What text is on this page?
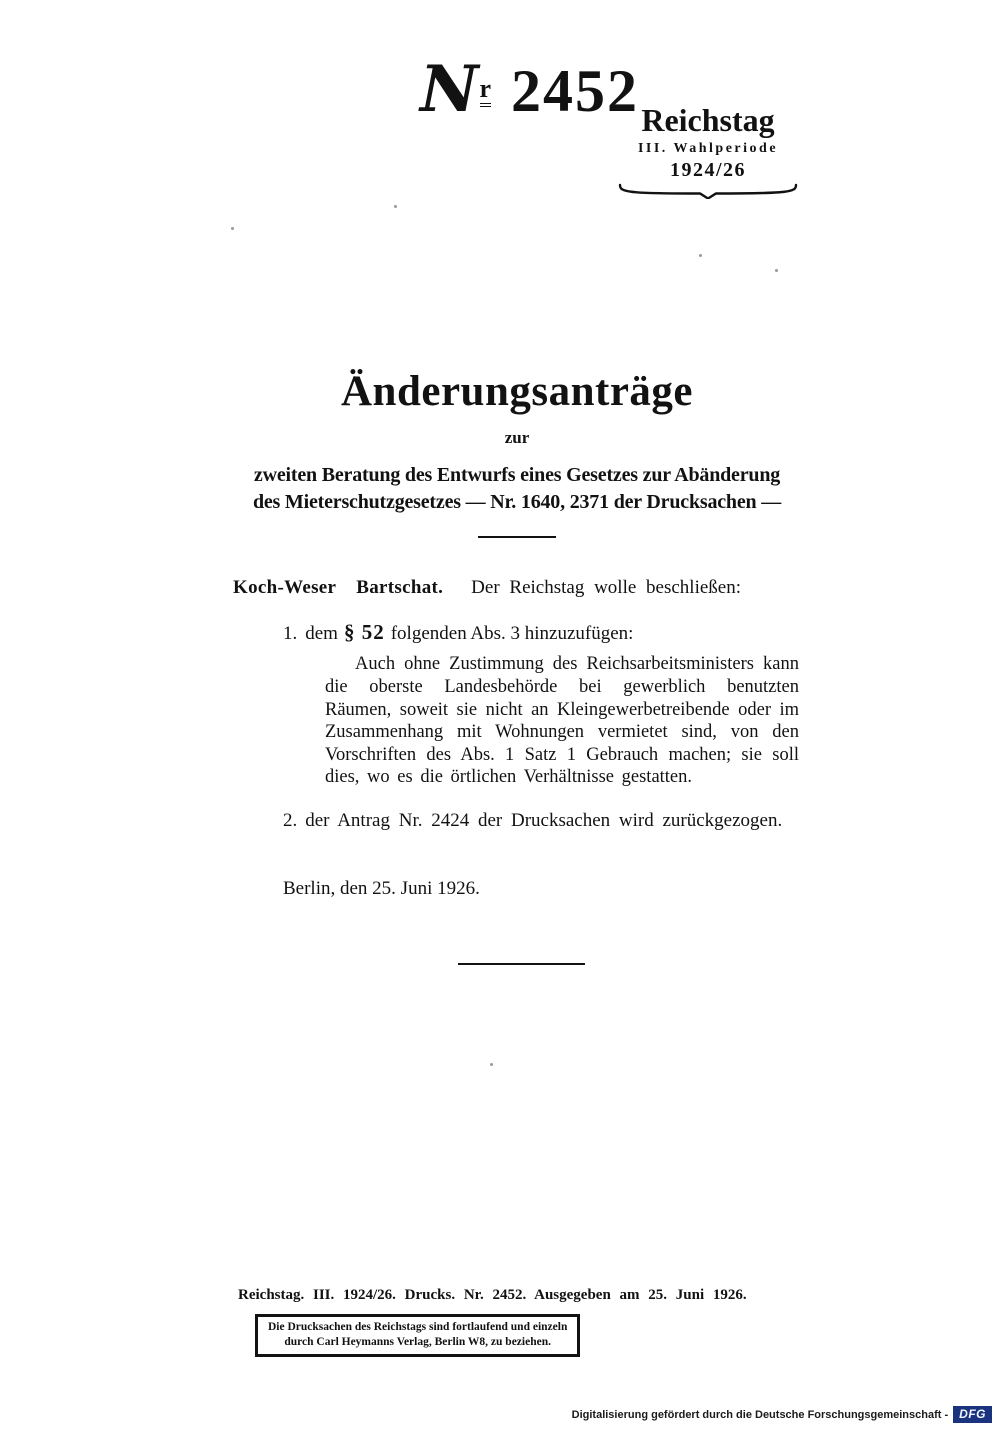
Nr 2452 Reichstag
III. Wahlperiode
1924/26
Änderungsanträge
zur
zweiten Beratung des Entwurfs eines Gesetzes zur Abänderung
des Mieterschutzgesetzes — Nr. 1640, 2371 der Drucksachen —
Koch-Weser Bartschat. Der Reichstag wolle beschließen:
1. dem § 52 folgenden Abs. 3 hinzuzufügen:
Auch ohne Zustimmung des Reichsarbeitsministers kann die oberste Landesbehörde bei gewerblich benutzten Räumen, soweit sie nicht an Kleingewerbetreibende oder im Zusammenhang mit Wohnungen vermietet sind, von den Vorschriften des Abs. 1 Satz 1 Gebrauch machen; sie soll dies, wo es die örtlichen Verhältnisse gestatten.
2. der Antrag Nr. 2424 der Drucksachen wird zurückgezogen.
Berlin, den 25. Juni 1926.
Reichstag. III. 1924/26. Drucks. Nr. 2452. Ausgegeben am 25. Juni 1926.
Die Drucksachen des Reichstags sind fortlaufend und einzeln
durch Carl Heymanns Verlag, Berlin W8, zu beziehen.
Digitalisierung gefördert durch die Deutsche Forschungsgemeinschaft - DFG
